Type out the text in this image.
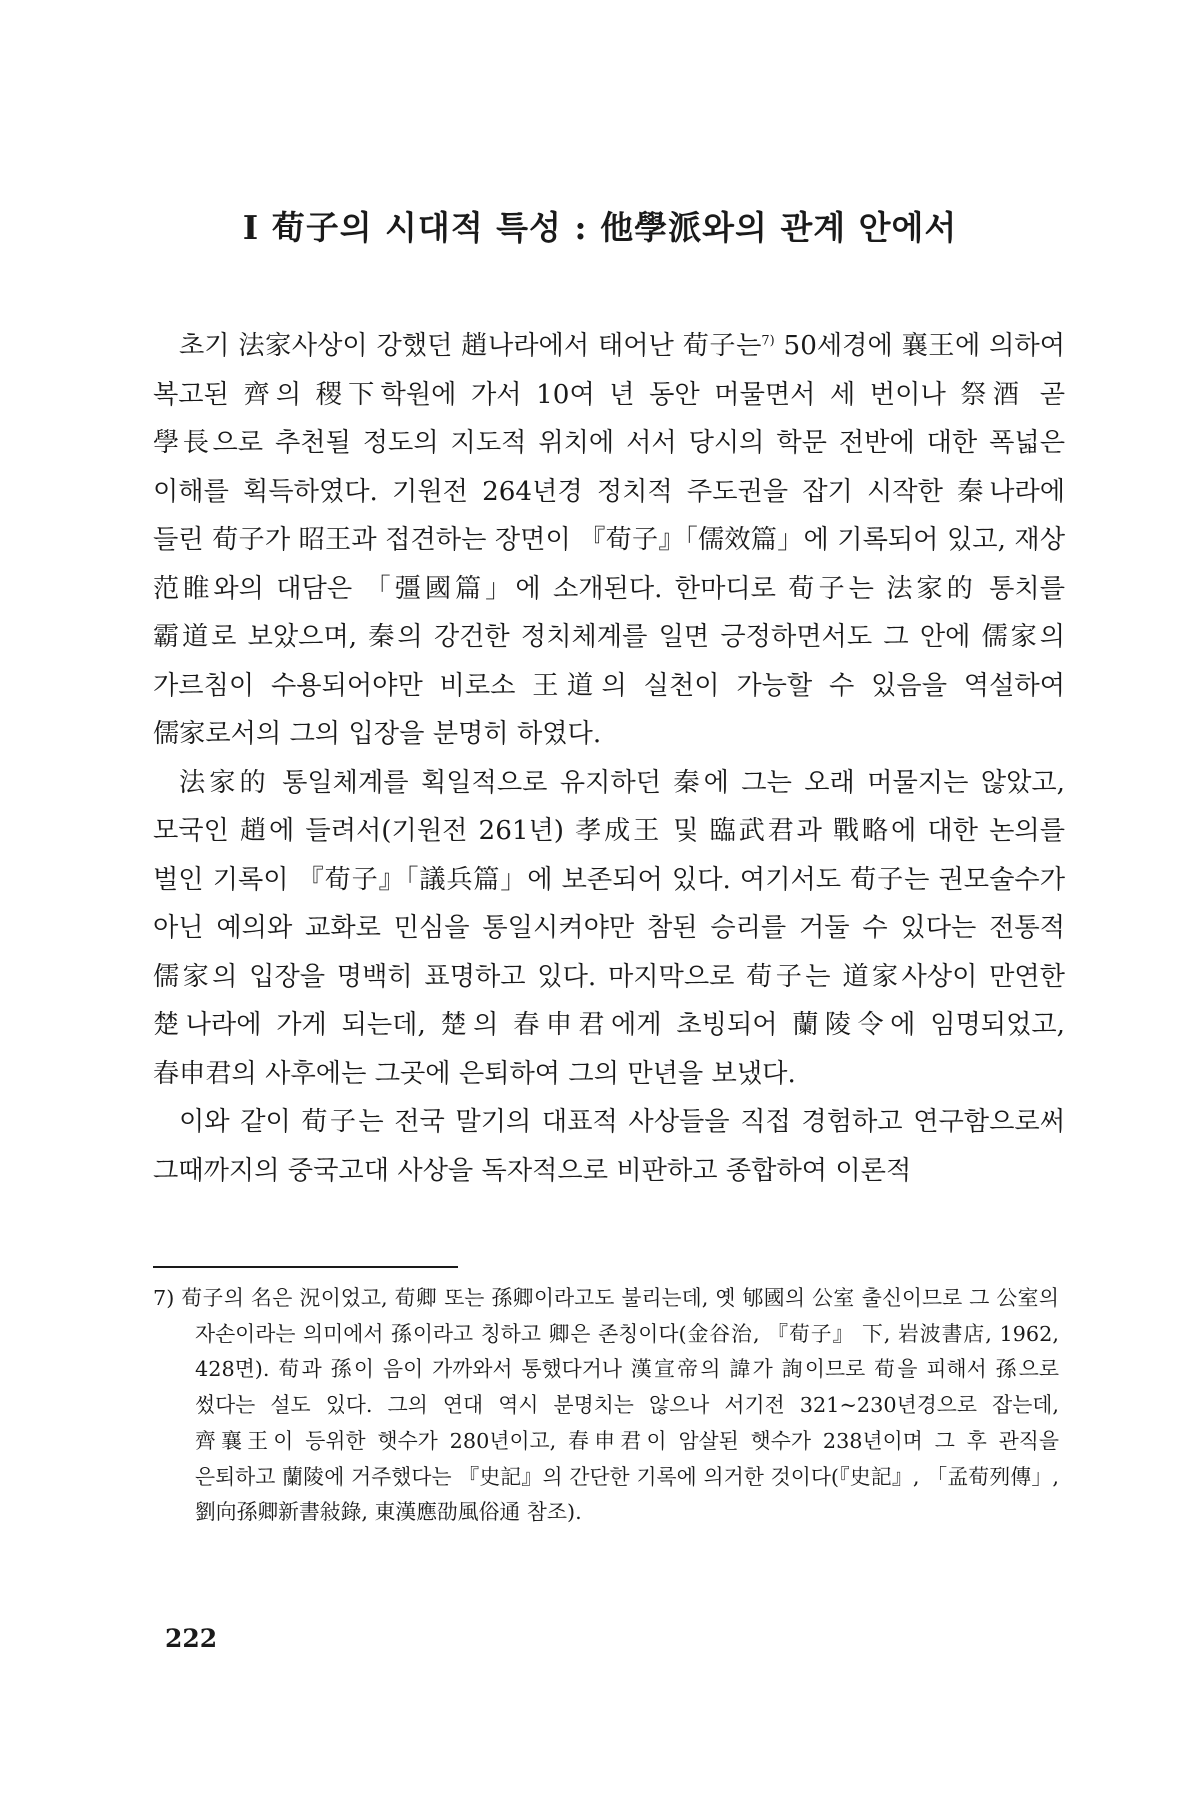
I 荀子의 시대적 특성 : 他學派와의 관계 안에서

초기 法家사상이 강했던 趙나라에서 태어난 荀子는$^{7)}$ 50세경에 襄王에 의하여 복고된 齊의 稷下학원에 가서 10여 년 동안 머물면서 세 번이나 祭酒 곧 學長으로 추천될 정도의 지도적 위치에 서서 당시의 학문 전반에 대한 폭넓은 이해를 획득하였다. 기원전 264년경 정치적 주도권을 잡기 시작한 秦나라에 들린 荀子가 昭王과 접견하는 장면이 『荀子』「儒效篇」에 기록되어 있고, 재상 范睢와의 대담은 「彊國篇」에 소개된다. 한마디로 荀子는 法家的 통치를 霸道로 보았으며, 秦의 강건한 정치체계를 일면 긍정하면서도 그 안에 儒家의 가르침이 수용되어야만 비로소 王道의 실천이 가능할 수 있음을 역설하여 儒家로서의 그의 입장을 분명히 하였다.

法家的 통일체계를 획일적으로 유지하던 秦에 그는 오래 머물지는 않았고, 모국인 趙에 들려서(기원전 261년) 孝成王 및 臨武君과 戰略에 대한 논의를 벌인 기록이 『荀子』「議兵篇」에 보존되어 있다. 여기서도 荀子는 권모술수가 아닌 예의와 교화로 민심을 통일시켜야만 참된 승리를 거둘 수 있다는 전통적 儒家의 입장을 명백히 표명하고 있다. 마지막으로 荀子는 道家사상이 만연한 楚나라에 가게 되는데, 楚의 春申君에게 초빙되어 蘭陵令에 임명되었고, 春申君의 사후에는 그곳에 은퇴하여 그의 만년을 보냈다.

이와 같이 荀子는 전국 말기의 대표적 사상들을 직접 경험하고 연구함으로써 그때까지의 중국고대 사상을 독자적으로 비판하고 종합하여 이론적

7) 荀子의 名은 況이었고, 荀卿 또는 孫卿이라고도 불리는데, 옛 郇國의 公室 출신이므로 그 公室의 자손이라는 의미에서 孫이라고 칭하고 卿은 존칭이다(金谷治, 『荀子』 下, 岩波書店, 1962, 428면). 荀과 孫이 음이 가까와서 통했다거나 漢宣帝의 諱가 詢이므로 荀을 피해서 孫으로 썼다는 설도 있다. 그의 연대 역시 분명치는 않으나 서기전 321~230년경으로 잡는데, 齊襄王이 등위한 햇수가 280년이고, 春申君이 암살된 햇수가 238년이며 그 후 관직을 은퇴하고 蘭陵에 거주했다는 『史記』의 간단한 기록에 의거한 것이다(『史記』, 「孟荀列傳」, 劉向孫卿新書敍錄, 東漢應劭風俗通 참조).

222
